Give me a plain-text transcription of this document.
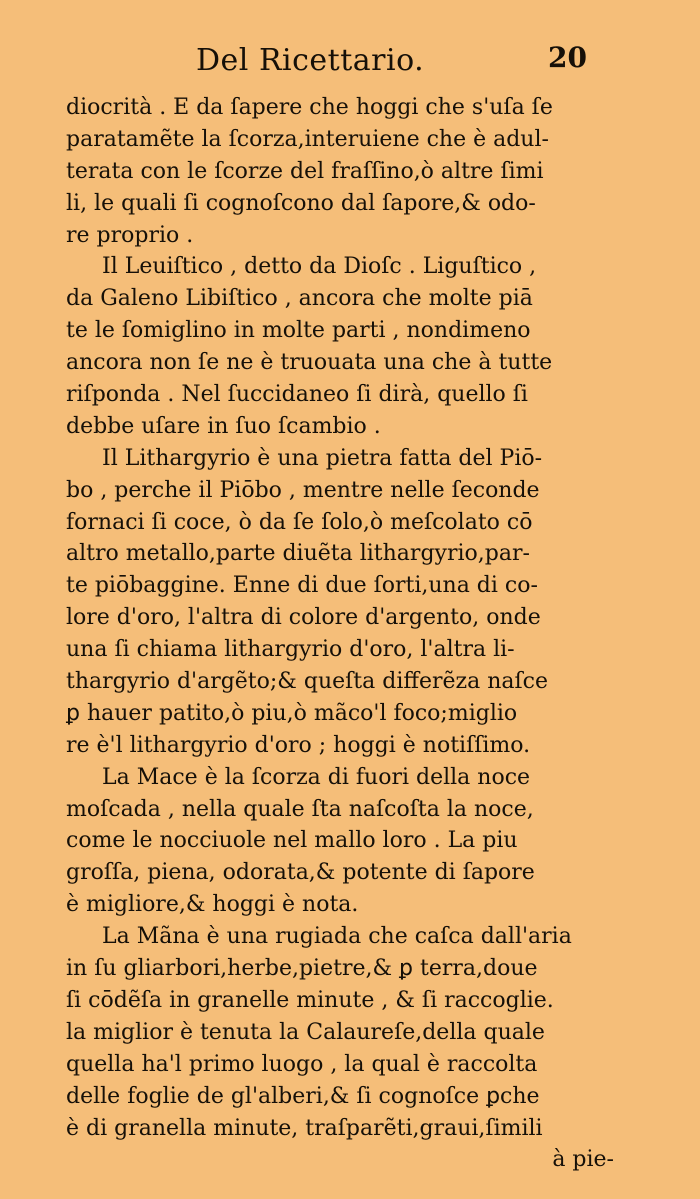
Del Ricettario.	20
diocrità . E da ſapere che hoggi che s'uſa ſe
paratamẽte la ſcorza,interuiene che è adul-
terata con le ſcorze del fraſſino,ò altre ſimi
li, le quali ſi cognoſcono dal ſapore,& odo-
re proprio .
Il Leuiſtico , detto da Dioſc . Liguſtico ,
da Galeno Libiſtico , ancora che molte piā
te le ſomiglino in molte parti , nondimeno
ancora non ſe ne è truouata una che à tutte
riſponda . Nel ſuccidaneo ſi dirà, quello ſi
debbe uſare in ſuo ſcambio .
Il Lithargyrio è una pietra fatta del Piō-
bo , perche il Piōbo , mentre nelle ſeconde
fornaci ſi coce, ò da ſe ſolo,ò meſcolato cō
altro metallo,parte diuẽta lithargyrio,par-
te piōbaggine. Enne di due ſorti,una di co-
lore d'oro, l'altra di colore d'argento, onde
una ſi chiama lithargyrio d'oro, l'altra li-
thargyrio d'argẽto;& queſta differẽza naſce
ꝑ hauer patito,ò piu,ò mãco'l foco;miglio
re è'l lithargyrio d'oro ; hoggi è notiſſimo.
La Mace è la ſcorza di fuori della noce
moſcada , nella quale ſta naſcoſta la noce,
come le nocciuole nel mallo loro . La piu
groſſa, piena, odorata,& potente di ſapore
è migliore,& hoggi è nota.
La Mãna è una rugiada che caſca dall'aria
in ſu gliarbori,herbe,pietre,& ꝑ terra,doue
ſi cōdẽſa in granelle minute , & ſi raccoglie.
la miglior è tenuta la Calaureſe,della quale
quella ha'l primo luogo , la qual è raccolta
delle foglie de gl'alberi,& ſi cognoſce ꝑche
è di granella minute, traſparẽti,graui,ſimili
à pie-
